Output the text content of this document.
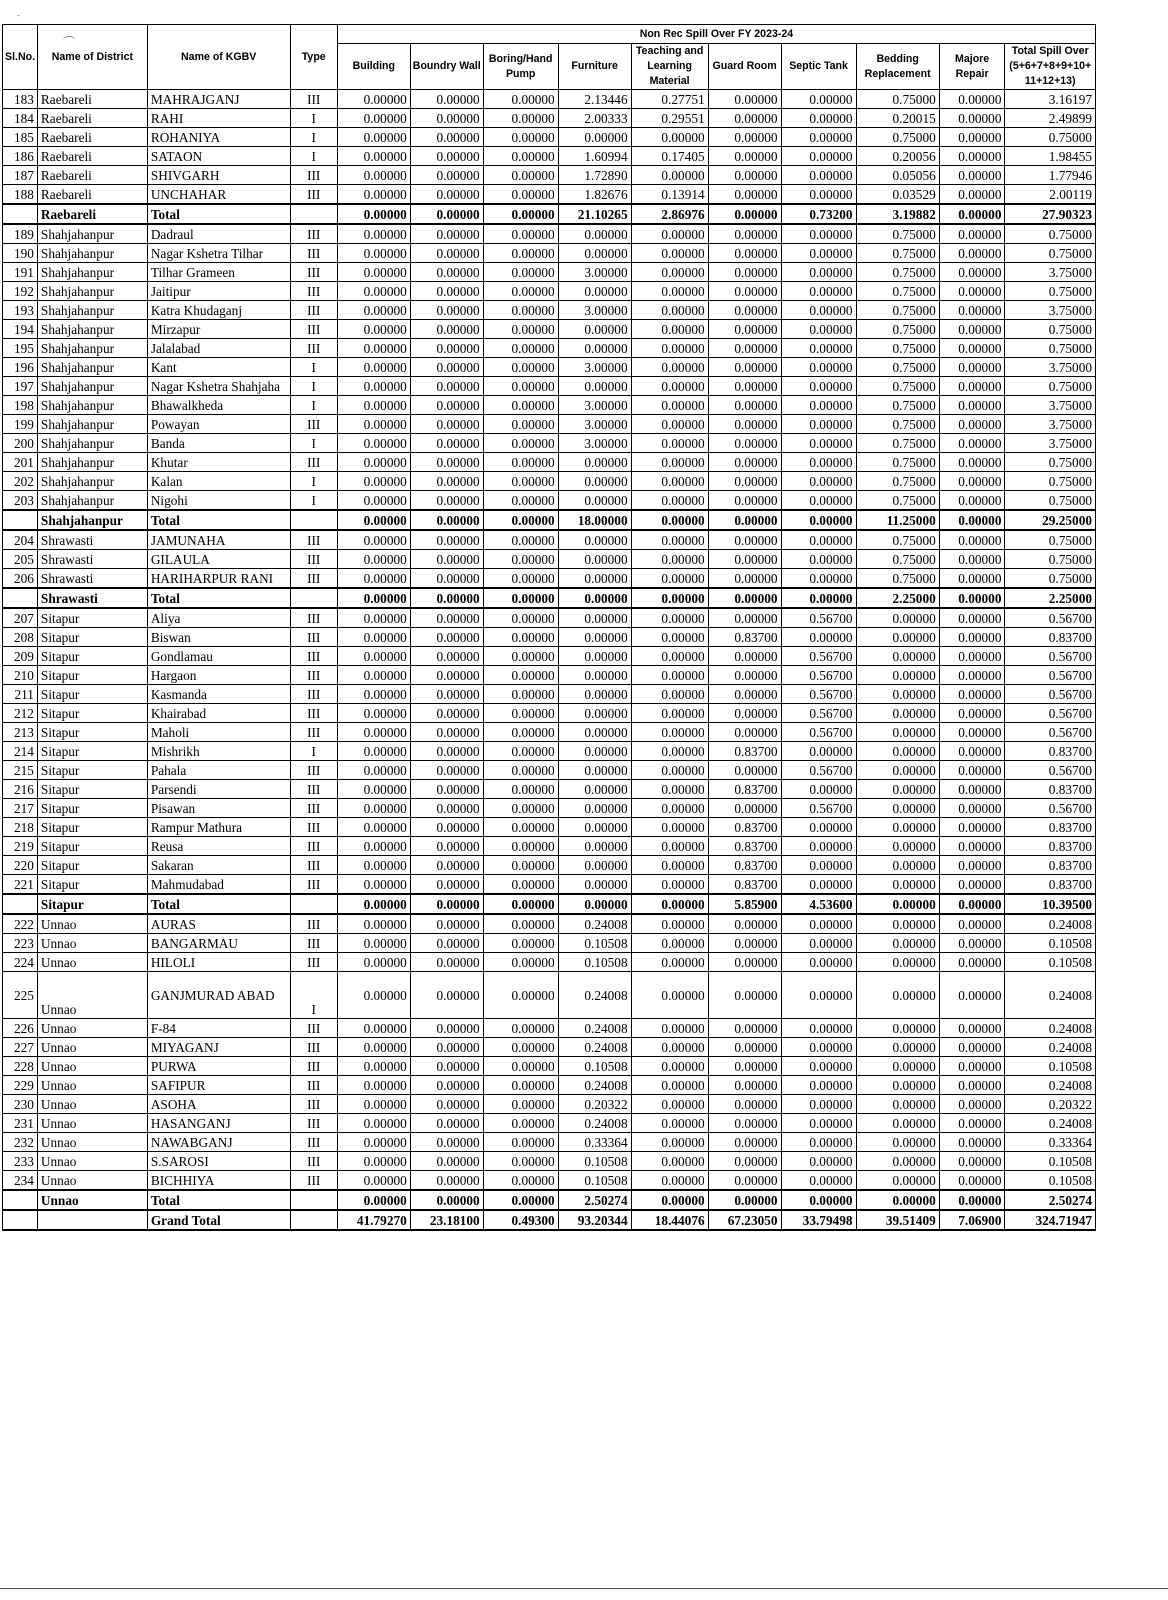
-
Sl.No.	Name of District	Name of KGBV	Type	Non Rec Spill Over FY 2023-24									
				Building	Boundry Wall	Boring/Hand Pump	Furniture	Teaching and Learning Material	Guard Room	Septic Tank	Bedding Replacement	Majore Repair	Total Spill Over (5+6+7+8+9+10+ 11+12+13)
183	Raebareli	MAHRAJGANJ	III	0.00000	0.00000	0.00000	2.13446	0.27751	0.00000	0.00000	0.75000	0.00000	3.16197
184	Raebareli	RAHI	I	0.00000	0.00000	0.00000	2.00333	0.29551	0.00000	0.00000	0.20015	0.00000	2.49899
185	Raebareli	ROHANIYA	I	0.00000	0.00000	0.00000	0.00000	0.00000	0.00000	0.00000	0.75000	0.00000	0.75000
186	Raebareli	SATAON	I	0.00000	0.00000	0.00000	1.60994	0.17405	0.00000	0.00000	0.20056	0.00000	1.98455
187	Raebareli	SHIVGARH	III	0.00000	0.00000	0.00000	1.72890	0.00000	0.00000	0.00000	0.05056	0.00000	1.77946
188	Raebareli	UNCHAHAR	III	0.00000	0.00000	0.00000	1.82676	0.13914	0.00000	0.00000	0.03529	0.00000	2.00119
	Raebareli	Total		0.00000	0.00000	0.00000	21.10265	2.86976	0.00000	0.73200	3.19882	0.00000	27.90323
189	Shahjahanpur	Dadraul	III	0.00000	0.00000	0.00000	0.00000	0.00000	0.00000	0.00000	0.75000	0.00000	0.75000
190	Shahjahanpur	Nagar Kshetra Tilhar	III	0.00000	0.00000	0.00000	0.00000	0.00000	0.00000	0.00000	0.75000	0.00000	0.75000
191	Shahjahanpur	Tilhar Grameen	III	0.00000	0.00000	0.00000	3.00000	0.00000	0.00000	0.00000	0.75000	0.00000	3.75000
192	Shahjahanpur	Jaitipur	III	0.00000	0.00000	0.00000	0.00000	0.00000	0.00000	0.00000	0.75000	0.00000	0.75000
193	Shahjahanpur	Katra Khudaganj	III	0.00000	0.00000	0.00000	3.00000	0.00000	0.00000	0.00000	0.75000	0.00000	3.75000
194	Shahjahanpur	Mirzapur	III	0.00000	0.00000	0.00000	0.00000	0.00000	0.00000	0.00000	0.75000	0.00000	0.75000
195	Shahjahanpur	Jalalabad	III	0.00000	0.00000	0.00000	0.00000	0.00000	0.00000	0.00000	0.75000	0.00000	0.75000
196	Shahjahanpur	Kant	I	0.00000	0.00000	0.00000	3.00000	0.00000	0.00000	0.00000	0.75000	0.00000	3.75000
197	Shahjahanpur	Nagar Kshetra Shahjaha	I	0.00000	0.00000	0.00000	0.00000	0.00000	0.00000	0.00000	0.75000	0.00000	0.75000
198	Shahjahanpur	Bhawalkheda	I	0.00000	0.00000	0.00000	3.00000	0.00000	0.00000	0.00000	0.75000	0.00000	3.75000
199	Shahjahanpur	Powayan	III	0.00000	0.00000	0.00000	3.00000	0.00000	0.00000	0.00000	0.75000	0.00000	3.75000
200	Shahjahanpur	Banda	I	0.00000	0.00000	0.00000	3.00000	0.00000	0.00000	0.00000	0.75000	0.00000	3.75000
201	Shahjahanpur	Khutar	III	0.00000	0.00000	0.00000	0.00000	0.00000	0.00000	0.00000	0.75000	0.00000	0.75000
202	Shahjahanpur	Kalan	I	0.00000	0.00000	0.00000	0.00000	0.00000	0.00000	0.00000	0.75000	0.00000	0.75000
203	Shahjahanpur	Nigohi	I	0.00000	0.00000	0.00000	0.00000	0.00000	0.00000	0.00000	0.75000	0.00000	0.75000
	Shahjahanpur	Total		0.00000	0.00000	0.00000	18.00000	0.00000	0.00000	0.00000	11.25000	0.00000	29.25000
204	Shrawasti	JAMUNAHA	III	0.00000	0.00000	0.00000	0.00000	0.00000	0.00000	0.00000	0.75000	0.00000	0.75000
205	Shrawasti	GILAULA	III	0.00000	0.00000	0.00000	0.00000	0.00000	0.00000	0.00000	0.75000	0.00000	0.75000
206	Shrawasti	HARIHARPUR RANI	III	0.00000	0.00000	0.00000	0.00000	0.00000	0.00000	0.00000	0.75000	0.00000	0.75000
	Shrawasti	Total		0.00000	0.00000	0.00000	0.00000	0.00000	0.00000	0.00000	2.25000	0.00000	2.25000
207	Sitapur	Aliya	III	0.00000	0.00000	0.00000	0.00000	0.00000	0.00000	0.56700	0.00000	0.00000	0.56700
208	Sitapur	Biswan	III	0.00000	0.00000	0.00000	0.00000	0.00000	0.83700	0.00000	0.00000	0.00000	0.83700
209	Sitapur	Gondlamau	III	0.00000	0.00000	0.00000	0.00000	0.00000	0.00000	0.56700	0.00000	0.00000	0.56700
210	Sitapur	Hargaon	III	0.00000	0.00000	0.00000	0.00000	0.00000	0.00000	0.56700	0.00000	0.00000	0.56700
211	Sitapur	Kasmanda	III	0.00000	0.00000	0.00000	0.00000	0.00000	0.00000	0.56700	0.00000	0.00000	0.56700
212	Sitapur	Khairabad	III	0.00000	0.00000	0.00000	0.00000	0.00000	0.00000	0.56700	0.00000	0.00000	0.56700
213	Sitapur	Maholi	III	0.00000	0.00000	0.00000	0.00000	0.00000	0.00000	0.56700	0.00000	0.00000	0.56700
214	Sitapur	Mishrikh	I	0.00000	0.00000	0.00000	0.00000	0.00000	0.83700	0.00000	0.00000	0.00000	0.83700
215	Sitapur	Pahala	III	0.00000	0.00000	0.00000	0.00000	0.00000	0.00000	0.56700	0.00000	0.00000	0.56700
216	Sitapur	Parsendi	III	0.00000	0.00000	0.00000	0.00000	0.00000	0.83700	0.00000	0.00000	0.00000	0.83700
217	Sitapur	Pisawan	III	0.00000	0.00000	0.00000	0.00000	0.00000	0.00000	0.56700	0.00000	0.00000	0.56700
218	Sitapur	Rampur Mathura	III	0.00000	0.00000	0.00000	0.00000	0.00000	0.83700	0.00000	0.00000	0.00000	0.83700
219	Sitapur	Reusa	III	0.00000	0.00000	0.00000	0.00000	0.00000	0.83700	0.00000	0.00000	0.00000	0.83700
220	Sitapur	Sakaran	III	0.00000	0.00000	0.00000	0.00000	0.00000	0.83700	0.00000	0.00000	0.00000	0.83700
221	Sitapur	Mahmudabad	III	0.00000	0.00000	0.00000	0.00000	0.00000	0.83700	0.00000	0.00000	0.00000	0.83700
	Sitapur	Total		0.00000	0.00000	0.00000	0.00000	0.00000	5.85900	4.53600	0.00000	0.00000	10.39500
222	Unnao	AURAS	III	0.00000	0.00000	0.00000	0.24008	0.00000	0.00000	0.00000	0.00000	0.00000	0.24008
223	Unnao	BANGARMAU	III	0.00000	0.00000	0.00000	0.10508	0.00000	0.00000	0.00000	0.00000	0.00000	0.10508
224	Unnao	HILOLI	III	0.00000	0.00000	0.00000	0.10508	0.00000	0.00000	0.00000	0.00000	0.00000	0.10508
225	Unnao	GANJMURAD ABAD	I	0.00000	0.00000	0.00000	0.24008	0.00000	0.00000	0.00000	0.00000	0.00000	0.24008
226	Unnao	F-84	III	0.00000	0.00000	0.00000	0.24008	0.00000	0.00000	0.00000	0.00000	0.00000	0.24008
227	Unnao	MIYAGANJ	III	0.00000	0.00000	0.00000	0.24008	0.00000	0.00000	0.00000	0.00000	0.00000	0.24008
228	Unnao	PURWA	III	0.00000	0.00000	0.00000	0.10508	0.00000	0.00000	0.00000	0.00000	0.00000	0.10508
229	Unnao	SAFIPUR	III	0.00000	0.00000	0.00000	0.24008	0.00000	0.00000	0.00000	0.00000	0.00000	0.24008
230	Unnao	ASOHA	III	0.00000	0.00000	0.00000	0.20322	0.00000	0.00000	0.00000	0.00000	0.00000	0.20322
231	Unnao	HASANGANJ	III	0.00000	0.00000	0.00000	0.24008	0.00000	0.00000	0.00000	0.00000	0.00000	0.24008
232	Unnao	NAWABGANJ	III	0.00000	0.00000	0.00000	0.33364	0.00000	0.00000	0.00000	0.00000	0.00000	0.33364
233	Unnao	S.SAROSI	III	0.00000	0.00000	0.00000	0.10508	0.00000	0.00000	0.00000	0.00000	0.00000	0.10508
234	Unnao	BICHHIYA	III	0.00000	0.00000	0.00000	0.10508	0.00000	0.00000	0.00000	0.00000	0.00000	0.10508
	Unnao	Total		0.00000	0.00000	0.00000	2.50274	0.00000	0.00000	0.00000	0.00000	0.00000	2.50274
		Grand Total		41.79270	23.18100	0.49300	93.20344	18.44076	67.23050	33.79498	39.51409	7.06900	324.71947
